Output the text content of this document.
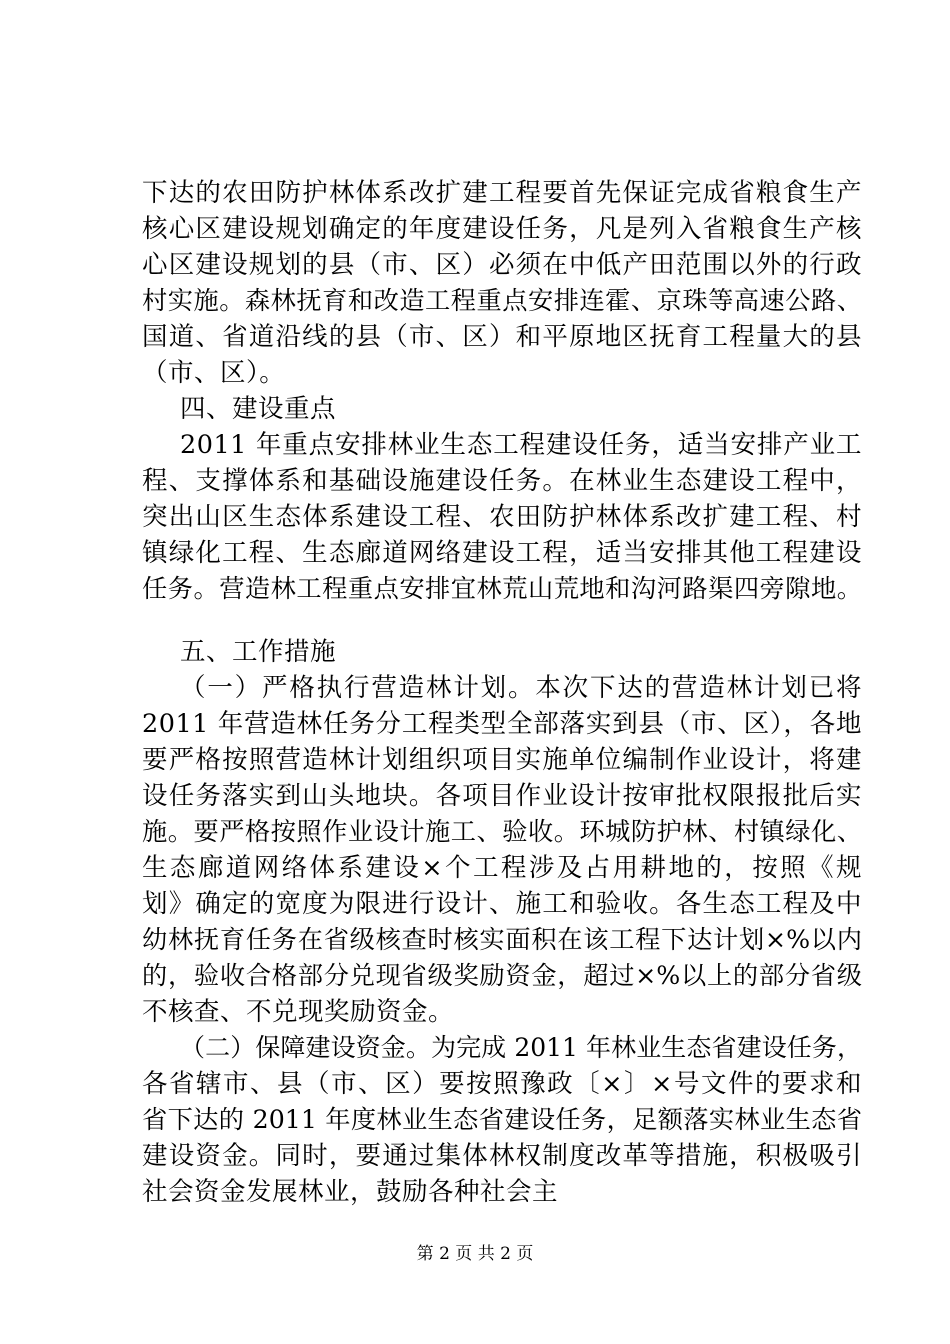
下达的农田防护林体系改扩建工程要首先保证完成省粮食生产
核心区建设规划确定的年度建设任务，凡是列入省粮食生产核
心区建设规划的县（市、区）必须在中低产田范围以外的行政
村实施。森林抚育和改造工程重点安排连霍、京珠等高速公路、
国道、省道沿线的县（市、区）和平原地区抚育工程量大的县
（市、区）。
四、建设重点
2011 年重点安排林业生态工程建设任务，适当安排产业工
程、支撑体系和基础设施建设任务。在林业生态建设工程中，
突出山区生态体系建设工程、农田防护林体系改扩建工程、村
镇绿化工程、生态廊道网络建设工程，适当安排其他工程建设
任务。营造林工程重点安排宜林荒山荒地和沟河路渠四旁隙地。
五、工作措施
（一）严格执行营造林计划。本次下达的营造林计划已将
2011 年营造林任务分工程类型全部落实到县（市、区），各地
要严格按照营造林计划组织项目实施单位编制作业设计，将建
设任务落实到山头地块。各项目作业设计按审批权限报批后实
施。要严格按照作业设计施工、验收。环城防护林、村镇绿化、
生态廊道网络体系建设×个工程涉及占用耕地的，按照《规
划》确定的宽度为限进行设计、施工和验收。各生态工程及中
幼林抚育任务在省级核查时核实面积在该工程下达计划×%以内
的，验收合格部分兑现省级奖励资金，超过×%以上的部分省级
不核查、不兑现奖励资金。
（二）保障建设资金。为完成 2011 年林业生态省建设任务，
各省辖市、县（市、区）要按照豫政〔×〕×号文件的要求和
省下达的 2011 年度林业生态省建设任务，足额落实林业生态省
建设资金。同时，要通过集体林权制度改革等措施，积极吸引
社会资金发展林业，鼓励各种社会主
第 2 页 共 2 页
